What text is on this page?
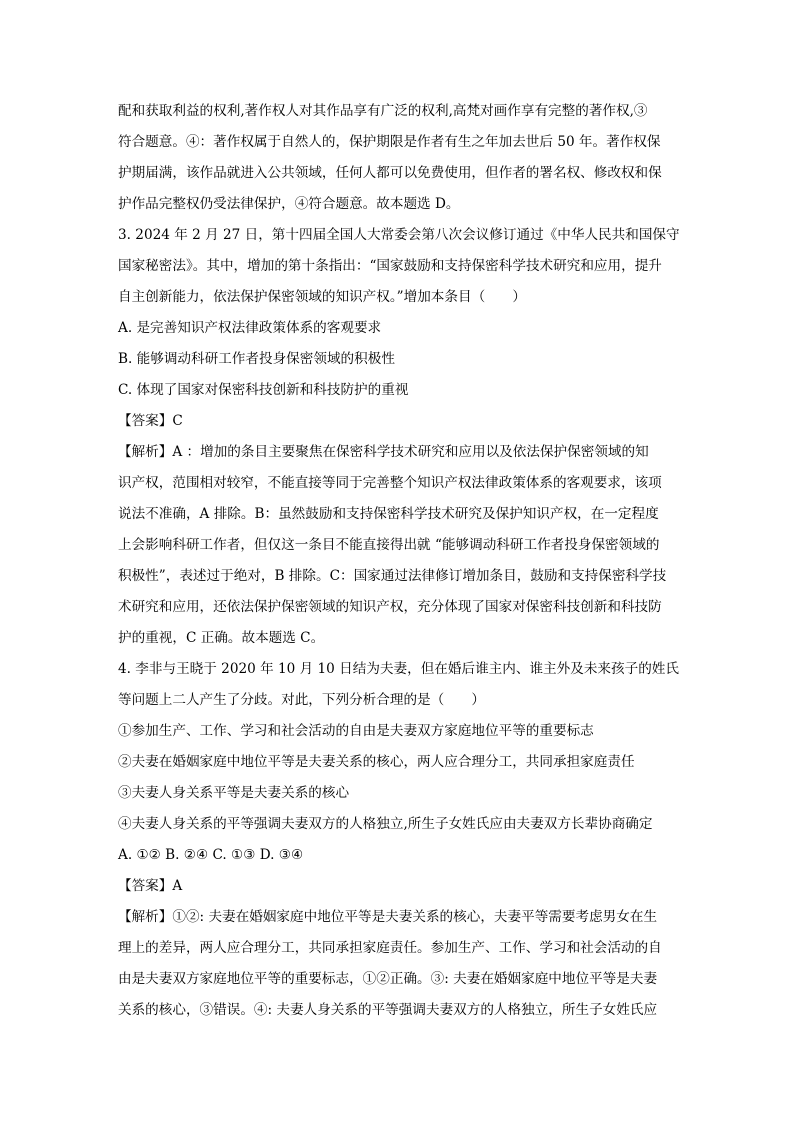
配和获取利益的权利,著作权人对其作品享有广泛的权利,高梵对画作享有完整的著作权,③
符合题意。④：著作权属于自然人的，保护期限是作者有生之年加去世后 50 年。著作权保
护期届满，该作品就进入公共领域，任何人都可以免费使用，但作者的署名权、修改权和保
护作品完整权仍受法律保护，④符合题意。故本题选 D。
3. 2024 年 2 月 27 日，第十四届全国人大常委会第八次会议修订通过《中华人民共和国保守
国家秘密法》。其中，增加的第十条指出：“国家鼓励和支持保密科学技术研究和应用，提升
自主创新能力，依法保护保密领域的知识产权。”增加本条目（　　）
A. 是完善知识产权法律政策体系的客观要求
B. 能够调动科研工作者投身保密领域的积极性
C. 体现了国家对保密科技创新和科技防护的重视
【答案】C
【解析】A ：增加的条目主要聚焦在保密科学技术研究和应用以及依法保护保密领域的知
识产权，范围相对较窄，不能直接等同于完善整个知识产权法律政策体系的客观要求，该项
说法不准确，A 排除。B：虽然鼓励和支持保密科学技术研究及保护知识产权，在一定程度
上会影响科研工作者，但仅这一条目不能直接得出就 “能够调动科研工作者投身保密领域的
积极性”，表述过于绝对，B 排除。C：国家通过法律修订增加条目，鼓励和支持保密科学技
术研究和应用，还依法保护保密领域的知识产权，充分体现了国家对保密科技创新和科技防
护的重视，C 正确。故本题选 C。
4. 李非与王晓于 2020 年 10 月 10 日结为夫妻，但在婚后谁主内、谁主外及未来孩子的姓氏
等问题上二人产生了分歧。对此，下列分析合理的是（　　）
①参加生产、工作、学习和社会活动的自由是夫妻双方家庭地位平等的重要标志
②夫妻在婚姻家庭中地位平等是夫妻关系的核心，两人应合理分工，共同承担家庭责任
③夫妻人身关系平等是夫妻关系的核心
④夫妻人身关系的平等强调夫妻双方的人格独立,所生子女姓氏应由夫妻双方长辈协商确定
A. ①② B. ②④ C. ①③ D. ③④
【答案】A
【解析】①②: 夫妻在婚姻家庭中地位平等是夫妻关系的核心，夫妻平等需要考虑男女在生
理上的差异，两人应合理分工，共同承担家庭责任。参加生产、工作、学习和社会活动的自
由是夫妻双方家庭地位平等的重要标志，①②正确。③: 夫妻在婚姻家庭中地位平等是夫妻
关系的核心，③错误。④: 夫妻人身关系的平等强调夫妻双方的人格独立，所生子女姓氏应
